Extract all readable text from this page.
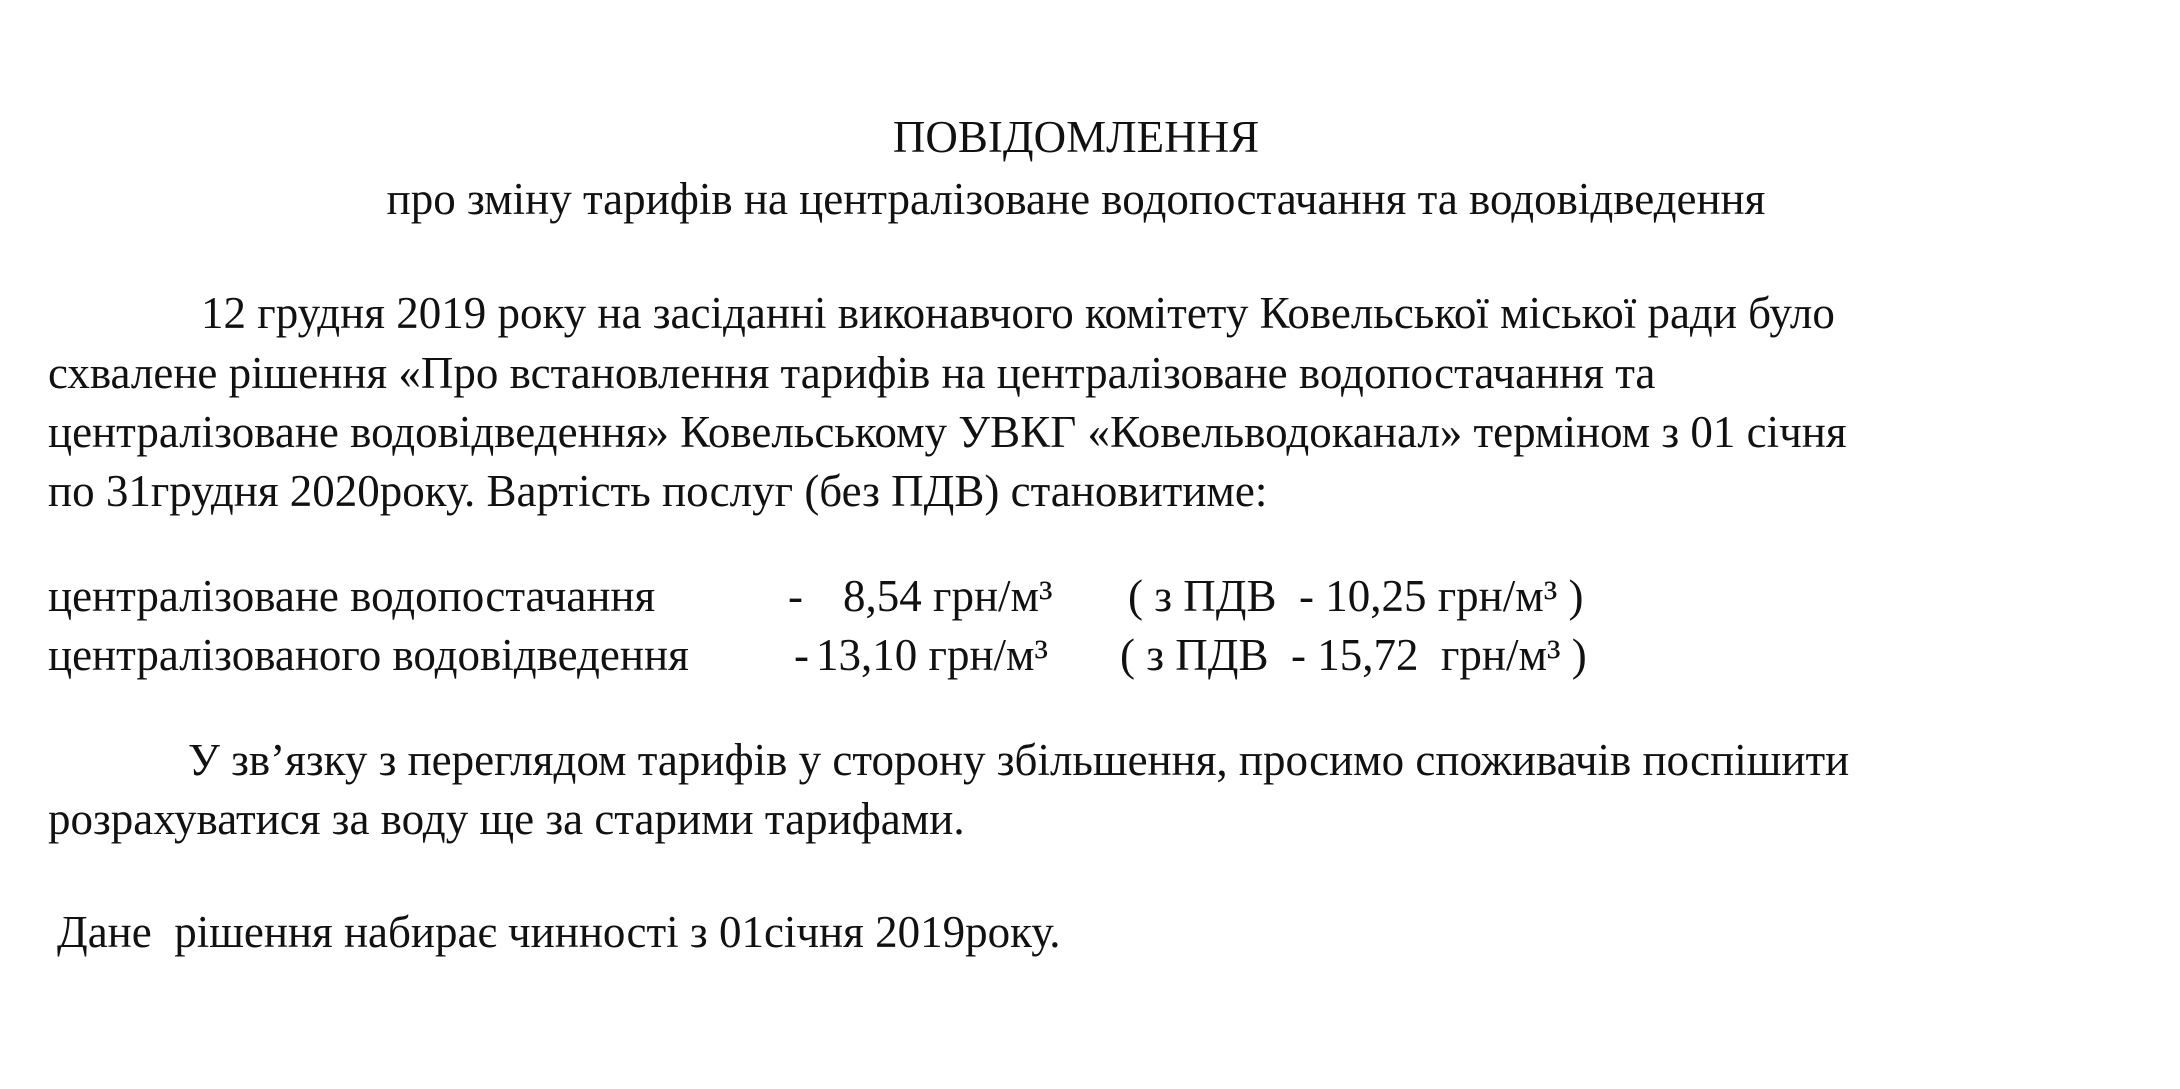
ПОВІДОМЛЕННЯ
про зміну тарифів на централізоване водопостачання та водовідведення
12 грудня 2019 року на засіданні виконавчого комітету Ковельської міської ради було
схвалене рішення «Про встановлення тарифів на централізоване водопостачання та
централізоване водовідведення» Ковельському УВКГ «Ковельводоканал» терміном з 01 січня
по 31грудня 2020року. Вартість послуг (без ПДВ) становитиме:

централізоване водопостачання

	-

8,54 грн/м³

( з ПДВ  - 10,25 грн/м³ )

централізованого водовідведення

-

13,10 грн/м³

( з ПДВ  - 15,72  грн/м³ )

У зв’язку з переглядом тарифів у сторону збільшення, просимо споживачів поспішити
розрахуватися за воду ще за старими тарифами.
Дане  рішення набирає чинності з 01січня 2019року.
